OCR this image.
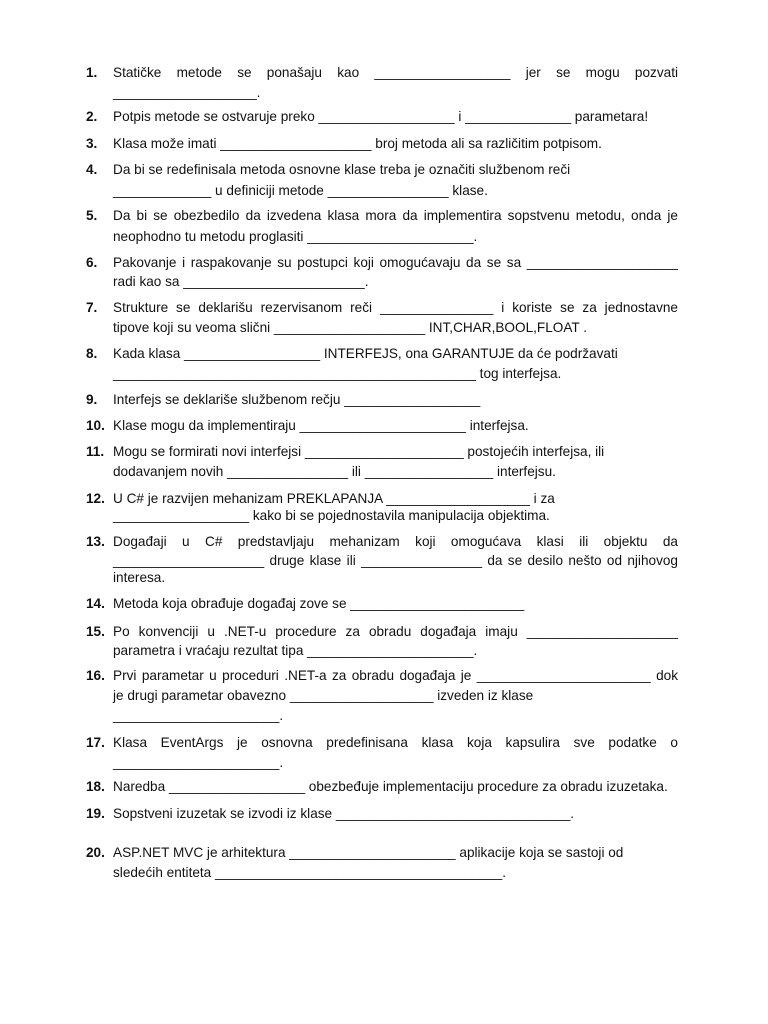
1.	Statičke metode se ponašaju kao __________________ jer se mogu pozvati
___________________.
2.	Potpis metode se ostvaruje preko __________________ i ______________ parametara!
3.	Klasa može imati ____________________ broj metoda ali sa različitim potpisom.
4.	Da bi se redefinisala metoda osnovne klase treba je označiti službenom reči
_____________ u definiciji metode ________________ klase.
5.	Da bi se obezbedilo da izvedena klasa mora da implementira sopstvenu metodu, onda je
neophodno tu metodu proglasiti ______________________.
6.	Pakovanje i raspakovanje su postupci koji omogućavaju da se sa ____________________
radi kao sa ________________________.
7.	Strukture se deklarišu rezervisanom reči _______________ i koriste se za jednostavne
tipove koji su veoma slični ____________________ INT,CHAR,BOOL,FLOAT .
8.	Kada klasa __________________ INTERFEJS, ona GARANTUJE da će podržavati
________________________________________________ tog interfejsa.
9.	Interfejs se deklariše službenom rečju __________________
10. Klase mogu da implementiraju ______________________ interfejsa.
11. Mogu se formirati novi interfejsi _____________________ postojećih interfejsa, ili
dodavanjem novih ________________ ili _________________ interfejsu.
12. U C# je razvijen mehanizam PREKLAPANJA ___________________ i za
__________________ kako bi se pojednostavila manipulacija objektima.
13. Događaji u C# predstavljaju mehanizam koji omogućava klasi ili objektu da
____________________ druge klase ili ________________ da se desilo nešto od njihovog
interesa.
14. Metoda koja obrađuje događaj zove se _______________________
15. Po konvenciji u .NET-u procedure za obradu događaja imaju ____________________
parametra i vraćaju rezultat tipa ______________________.
16. Prvi parametar u proceduri .NET-a za obradu događaja je _______________________ dok
je drugi parametar obavezno ___________________ izveden iz klase
______________________.
17. Klasa EventArgs je osnovna predefinisana klasa koja kapsulira sve podatke o
______________________.
18. Naredba __________________ obezbeđuje implementaciju procedure za obradu izuzetaka.
19. Sopstveni izuzetak se izvodi iz klase _______________________________.
20. ASP.NET MVC je arhitektura ______________________ aplikacije koja se sastoji od
sledećih entiteta ______________________________________.
